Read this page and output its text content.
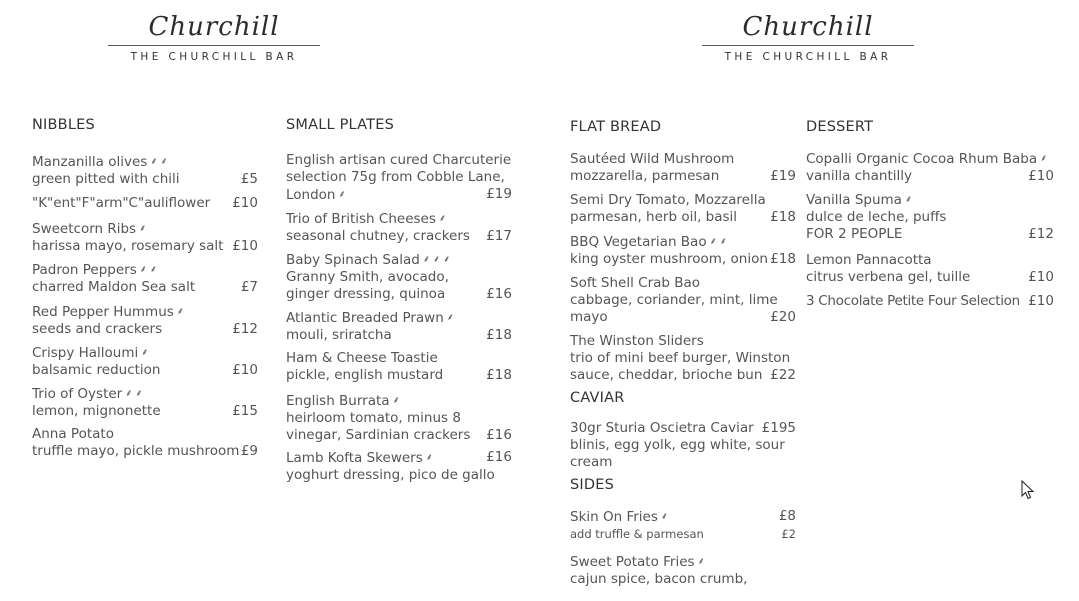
Churchill
THE CHURCHILL BAR
Churchill
THE CHURCHILL BAR
NIBBLES
Manzanilla olives ⸙ ⸙
green pitted with chili	£5
"K"ent"F"arm"C"auliflower £10
Sweetcorn Ribs ⸙
harissa mayo, rosemary salt £10
Padron Peppers ⸙ ⸙
charred Maldon Sea salt	£7
Red Pepper Hummus ⸙
seeds and crackers	£12
Crispy Halloumi ⸙
balsamic reduction	£10
Trio of Oyster ⸙ ⸙
lemon, mignonette	£15
Anna Potato
truffle mayo, pickle mushroom £9
SMALL PLATES
English artisan cured Charcuterie
selection 75g from Cobble Lane,
London ⸙	£19
Trio of British Cheeses ⸙
seasonal chutney, crackers £17
Baby Spinach Salad ⸙ ⸙ ⸙
Granny Smith, avocado,
ginger dressing, quinoa	£16
Atlantic Breaded Prawn ⸙
mouli, sriratcha	£18
Ham & Cheese Toastie
pickle, english mustard	£18
English Burrata ⸙
heirloom tomato, minus 8
vinegar, Sardinian crackers £16
Lamb Kofta Skewers ⸙	£16
yoghurt dressing, pico de gallo
FLAT BREAD
Sautéed Wild Mushroom
mozzarella, parmesan	£19
Semi Dry Tomato, Mozzarella
parmesan, herb oil, basil £18
BBQ Vegetarian Bao ⸙ ⸙
king oyster mushroom, onion £18
Soft Shell Crab Bao
cabbage, coriander, mint, lime
mayo	£20
The Winston Sliders
trio of mini beef burger, Winston
sauce, cheddar, brioche bun £22
CAVIAR
30gr Sturia Oscietra Caviar £195
blinis, egg yolk, egg white, sour
cream
SIDES
Skin On Fries ⸙	£8
add truffle & parmesan	£2
Sweet Potato Fries ⸙
cajun spice, bacon crumb,
DESSERT
Copalli Organic Cocoa Rhum Baba ⸙
vanilla chantilly	£10
Vanilla Spuma ⸙
dulce de leche, puffs
FOR 2 PEOPLE	£12
Lemon Pannacotta
citrus verbena gel, tuille	£10
3 Chocolate Petite Four Selection £10
